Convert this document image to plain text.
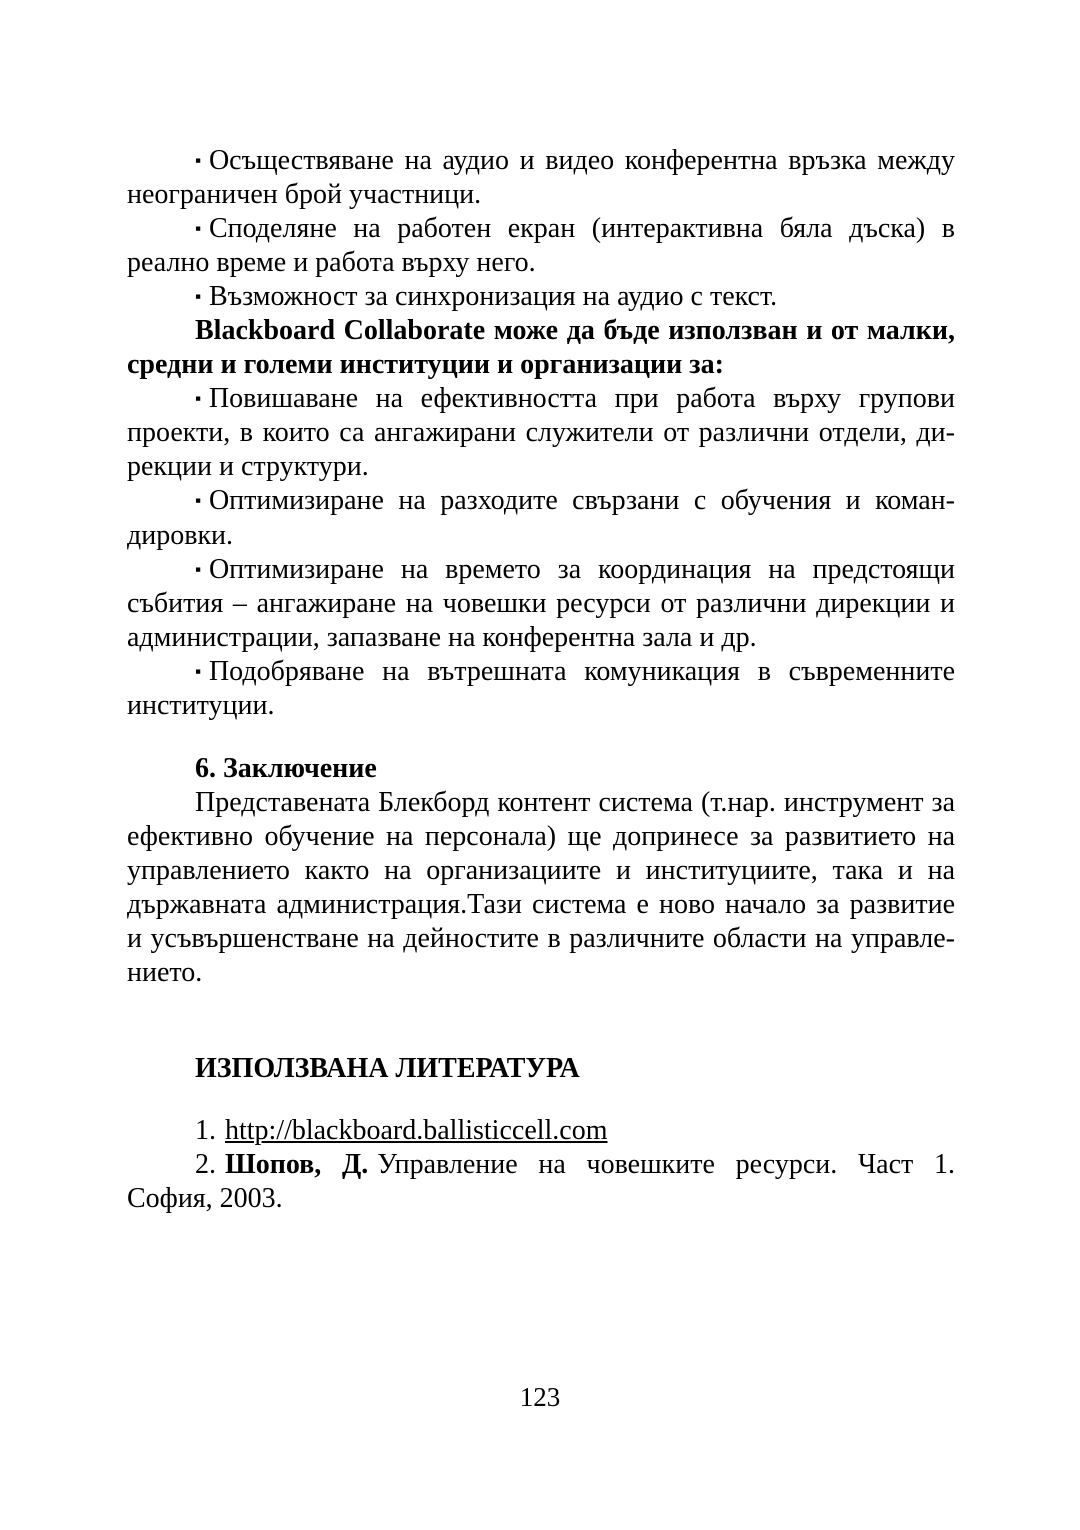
▪ Осъществяване на аудио и видео конферентна връзка между неограничен брой участници.

▪ Споделяне на работен екран (интерактивна бяла дъска) в реално време и работа върху него.

▪ Възможност за синхронизация на аудио с текст.

Blackboard Collaborate може да бъде използван и от малки, средни и големи институции и организации за:

▪ Повишаване на ефективността при работа върху групови проекти, в които са ангажирани служители от различни отдели, дирекции и структури.

▪ Оптимизиране на разходите свързани с обучения и командировки.

▪ Оптимизиране на времето за координация на предстоящи събития – ангажиране на човешки ресурси от различни дирекции и администрации, запазване на конферентна зала и др.

▪ Подобряване на вътрешната комуникация в съвременните институции.

6. Заключение

Представената Блекборд контент система (т.нар. инструмент за ефективно обучение на персонала) ще допринесе за развитието на управлението както на организациите и институциите, така и на държавната администрация.Тази система е ново начало за развитие и усъвършенстване на дейностите в различните области на управлението.

ИЗПОЛЗВАНА ЛИТЕРАТУРА

1. http://blackboard.ballisticcell.com

2. Шопов, Д. Управление на човешките ресурси. Част 1. София, 2003.

123
